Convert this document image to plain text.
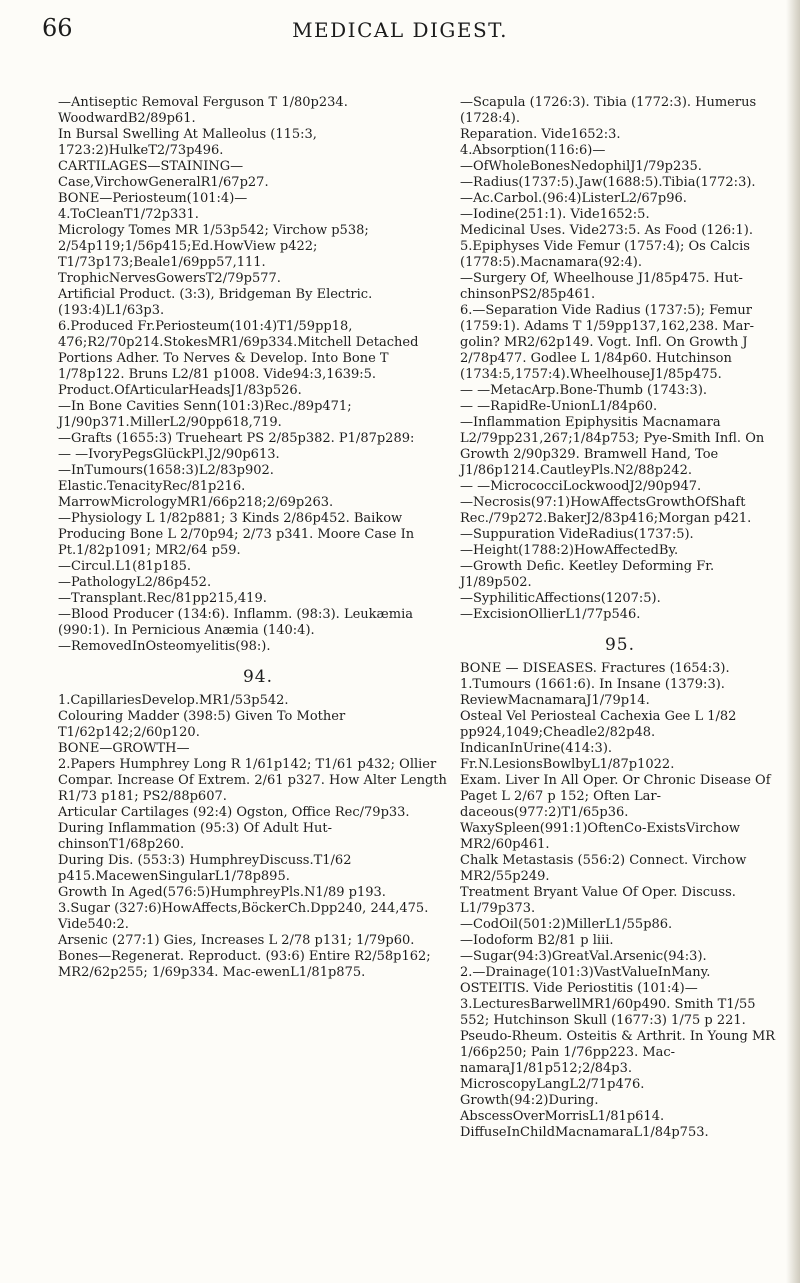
66	MEDICAL DIGEST.
—Antiseptic Removal Ferguson T 1/80p234. WoodwardB2/89p61.
In Bursal Swelling At Malleolus (115:3, 1723:2)HulkeT2/73p496.
CARTILAGES—STAINING—
Case,VirchowGeneralR1/67p27.
BONE—Periosteum(101:4)—
4.ToCleanT1/72p331.
Micrology Tomes MR 1/53p542; Virchow p538; 2/54p119;1/56p415;Ed.HowView p422; T1/73p173;Beale1/69pp57,111.
TrophicNervesGowersT2/79p577.
Artificial Product. (3:3), Bridgeman By Electric.(193:4)L1/63p3.
6.Produced Fr.Periosteum(101:4)T1/59pp18, 476;R2/70p214.StokesMR1/69p334.Mitchell Detached Portions Adher. To Nerves & Develop. Into Bone T 1/78p122. Bruns L2/81 p1008. Vide94:3,1639:5.
Product.OfArticularHeadsJ1/83p526.
—In Bone Cavities Senn(101:3)Rec./89p471; J1/90p371.MillerL2/90pp618,719.
—Grafts (1655:3) Trueheart PS 2/85p382. P1/87p289:
— —IvoryPegsGlückPl.J2/90p613.
—InTumours(1658:3)L2/83p902.
Elastic.TenacityRec/81p216.
MarrowMicrologyMR1/66p218;2/69p263.
—Physiology L 1/82p881; 3 Kinds 2/86p452. Baikow Producing Bone L 2/70p94; 2/73 p341. Moore Case In Pt.1/82p1091; MR2/64 p59.
—Circul.L1(81p185.
—PathologyL2/86p452.
—Transplant.Rec/81pp215,419.
—Blood Producer (134:6). Inflamm. (98:3). Leukæmia (990:1). In Pernicious Anæmia (140:4).
—RemovedInOsteomyelitis(98:).
94.
1.CapillariesDevelop.MR1/53p542.
Colouring Madder (398:5) Given To Mother T1/62p142;2/60p120.
BONE—GROWTH—
2.Papers Humphrey Long R 1/61p142; T1/61 p432; Ollier Compar. Increase Of Extrem. 2/61 p327. How Alter Length R1/73 p181; PS2/88p607.
Articular Cartilages (92:4) Ogston, Office Rec/79p33.
During Inflammation (95:3) Of Adult Hut-chinsonT1/68p260.
During Dis. (553:3) HumphreyDiscuss.T1/62 p415.MacewenSingularL1/78p895.
Growth In Aged(576:5)HumphreyPls.N1/89 p193.
3.Sugar (327:6)HowAffects,BöckerCh.Dpp240, 244,475. Vide540:2.
Arsenic (277:1) Gies, Increases L 2/78 p131; 1/79p60.
Bones—Regenerat. Reproduct. (93:6) Entire R2/58p162; MR2/62p255; 1/69p334. Mac-ewenL1/81p875.
—Scapula (1726:3). Tibia (1772:3). Humerus (1728:4).
Reparation. Vide1652:3.
4.Absorption(116:6)—
—OfWholeBonesNedophilJ1/79p235.
—Radius(1737:5).Jaw(1688:5).Tibia(1772:3).
—Ac.Carbol.(96:4)ListerL2/67p96.
—Iodine(251:1). Vide1652:5.
Medicinal Uses. Vide273:5. As Food (126:1).
5.Epiphyses Vide Femur (1757:4); Os Calcis (1778:5).Macnamara(92:4).
—Surgery Of, Wheelhouse J1/85p475. Hut-chinsonPS2/85p461.
6.—Separation Vide Radius (1737:5); Femur (1759:1). Adams T 1/59pp137,162,238. Mar-golin? MR2/62p149. Vogt. Infl. On Growth J 2/78p477. Godlee L 1/84p60. Hutchinson (1734:5,1757:4).WheelhouseJ1/85p475.
— —MetacArp.Bone-Thumb (1743:3).
— —RapidRe-UnionL1/84p60.
—Inflammation Epiphysitis Macnamara L2/79pp231,267;1/84p753; Pye-Smith Infl. On Growth 2/90p329. Bramwell Hand, Toe J1/86p1214.CautleyPls.N2/88p242.
— —MicrococciLockwoodJ2/90p947.
—Necrosis(97:1)HowAffectsGrowthOfShaft Rec./79p272.BakerJ2/83p416;Morgan p421.
—Suppuration VideRadius(1737:5).
—Height(1788:2)HowAffectedBy.
—Growth Defic. Keetley Deforming Fr. J1/89p502.
—SyphiliticAffections(1207:5).
—ExcisionOllierL1/77p546.
95.
BONE — DISEASES. Fractures (1654:3).
1.Tumours (1661:6). In Insane (1379:3). ReviewMacnamaraJ1/79p14.
Osteal Vel Periosteal Cachexia Gee L 1/82 pp924,1049;Cheadle2/82p48.
IndicanInUrine(414:3).
Fr.N.LesionsBowlbyL1/87p1022.
Exam. Liver In All Oper. Or Chronic Disease Of Paget L 2/67 p 152; Often Lar-daceous(977:2)T1/65p36.
WaxySpleen(991:1)OftenCo-ExistsVirchow MR2/60p461.
Chalk Metastasis (556:2) Connect. Virchow MR2/55p249.
Treatment Bryant Value Of Oper. Discuss. L1/79p373.
—CodOil(501:2)MillerL1/55p86.
—Iodoform B2/81 p liii.
—Sugar(94:3)GreatVal.Arsenic(94:3).
2.—Drainage(101:3)VastValueInMany.
OSTEITIS. Vide Periostitis (101:4)—
3.LecturesBarwellMR1/60p490. Smith T1/55 552; Hutchinson Skull (1677:3) 1/75 p 221.
Pseudo-Rheum. Osteitis & Arthrit. In Young MR 1/66p250; Pain 1/76pp223. Mac-namaraJ1/81p512;2/84p3.
MicroscopyLangL2/71p476.
Growth(94:2)During.
AbscessOverMorrisL1/81p614.
DiffuseInChildMacnamaraL1/84p753.
